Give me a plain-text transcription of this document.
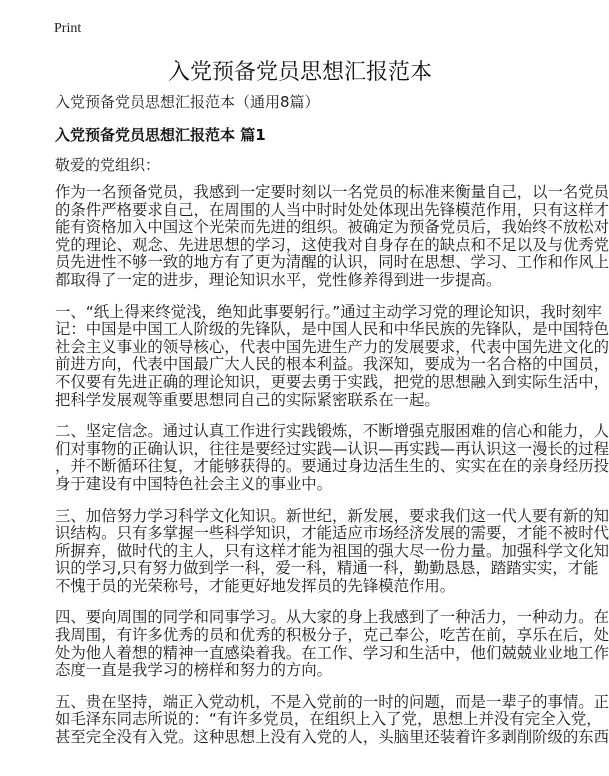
Print
入党预备党员思想汇报范本
入党预备党员思想汇报范本（通用8篇）
入党预备党员思想汇报范本 篇1
敬爱的党组织：
作为一名预备党员，我感到一定要时刻以一名党员的标准来衡量自己，以一名党员
的条件严格要求自己，在周围的人当中时时处处体现出先锋模范作用，只有这样才
能有资格加入中国这个光荣而先进的组织。被确定为预备党员后，我始终不放松对
党的理论、观念、先进思想的学习，这使我对自身存在的缺点和不足以及与优秀党
员先进性不够一致的地方有了更为清醒的认识，同时在思想、学习、工作和作风上
都取得了一定的进步，理论知识水平，党性修养得到进一步提高。
一、“纸上得来终觉浅，绝知此事要躬行。”通过主动学习党的理论知识，我时刻牢
记：中国是中国工人阶级的先锋队，是中国人民和中华民族的先锋队，是中国特色
社会主义事业的领导核心，代表中国先进生产力的发展要求，代表中国先进文化的
前进方向，代表中国最广大人民的根本利益。我深知，要成为一名合格的中国员，
不仅要有先进正确的理论知识，更要去勇于实践，把党的思想融入到实际生活中，
把科学发展观等重要思想同自己的实际紧密联系在一起。
二、坚定信念。通过认真工作进行实践锻炼，不断增强克服困难的信心和能力，人
们对事物的正确认识，往往是要经过实践—认识—再实践—再认识这一漫长的过程
，并不断循环往复，才能够获得的。要通过身边活生生的、实实在在的亲身经历投
身于建设有中国特色社会主义的事业中。
三、加倍努力学习科学文化知识。新世纪，新发展，要求我们这一代人要有新的知
识结构。只有多掌握一些科学知识，才能适应市场经济发展的需要，才能不被时代
所摒弃，做时代的主人，只有这样才能为祖国的强大尽一份力量。加强科学文化知
识的学习,只有努力做到学一科，爱一科，精通一科，勤勤恳恳，踏踏实实，才能
不愧于员的光荣称号，才能更好地发挥员的先锋模范作用。
四、要向周围的同学和同事学习。从大家的身上我感到了一种活力，一种动力。在
我周围，有许多优秀的员和优秀的积极分子，克己奉公，吃苦在前，享乐在后，处
处为他人着想的精神一直感染着我。在工作、学习和生活中，他们兢兢业业地工作
态度一直是我学习的榜样和努力的方向。
五、贵在坚持，端正入党动机，不是入党前的一时的问题，而是一辈子的事情。正
如毛泽东同志所说的：“有许多党员，在组织上入了党，思想上并没有完全入党，
甚至完全没有入党。这种思想上没有入党的人，头脑里还装着许多剥削阶级的东西
